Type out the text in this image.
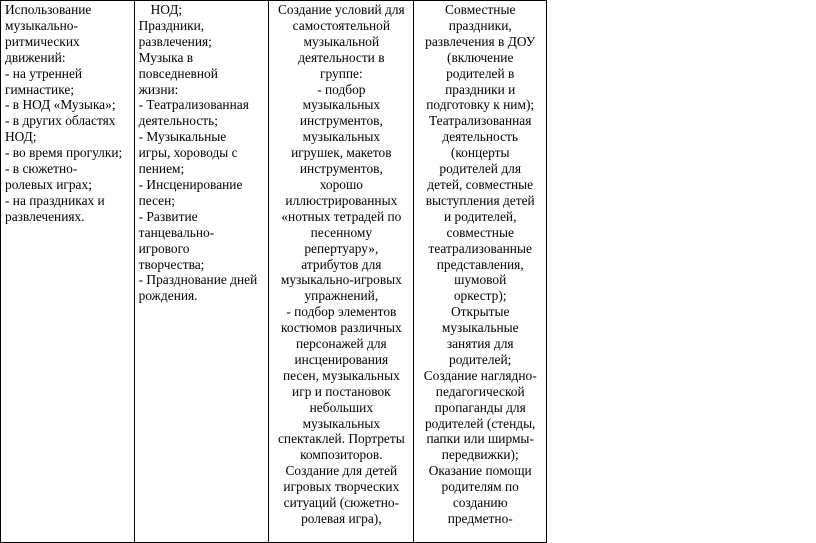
Использование
музыкально-
ритмических
движений:
- на утренней
гимнастике;
- в НОД «Музыка»;
- в других областях
НОД;
- во время прогулки;
- в сюжетно-
ролевых играх;
- на праздниках и
развлечениях.

НОД;
Праздники,
развлечения;
Музыка в
повседневной
жизни:
- Театрализованная
деятельность;
- Музыкальные
игры, хороводы с
пением;
- Инсценирование
песен;
- Развитие
танцевально-
игрового
творчества;
- Празднование дней
рождения.

Создание условий для
самостоятельной
музыкальной
деятельности в
группе:
- подбор
музыкальных
инструментов,
музыкальных
игрушек, макетов
инструментов,
хорошо
иллюстрированных
«нотных тетрадей по
песенному
репертуару»,
атрибутов для
музыкально-игровых
упражнений,
- подбор элементов
костюмов различных
персонажей для
инсценирования
песен, музыкальных
игр и постановок
небольших
музыкальных
спектаклей. Портреты
композиторов.
Создание для детей
игровых творческих
ситуаций (сюжетно-
ролевая игра),

Совместные
праздники,
развлечения в ДОУ
(включение
родителей в
праздники и
подготовку к ним);
Театрализованная
деятельность
(концерты
родителей для
детей, совместные
выступления детей
и родителей,
совместные
театрализованные
представления,
шумовой
оркестр);
Открытые
музыкальные
занятия для
родителей;
Создание наглядно-
педагогической
пропаганды для
родителей (стенды,
папки или ширмы-
передвижки);
Оказание помощи
родителям по
созданию
предметно-
